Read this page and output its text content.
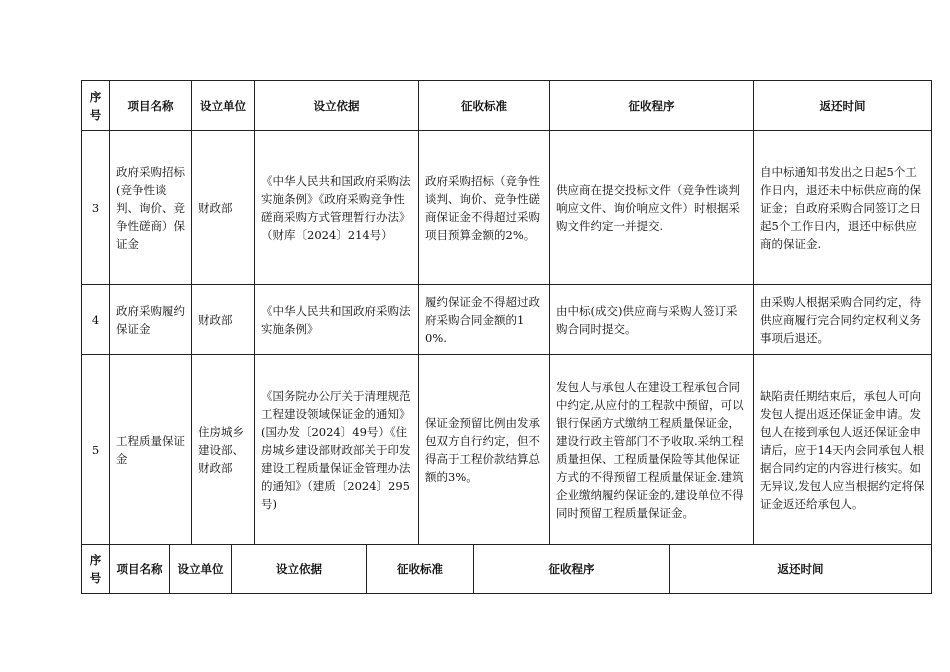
序号	项目名称	设立单位	设立依据	征收标准	征收程序	返还时间
3	政府采购招标(竞争性谈判、询价、竞争性磋商）保证金	财政部	《中华人民共和国政府采购法实施条例》《政府采购竞争性磋商采购方式管理暂行办法》（财库〔2024〕214号）	政府采购招标（竞争性谈判、询价、竞争性磋商保证金不得超过采购项目预算金额的2%。	供应商在提交投标文件（竞争性谈判响应文件、询价响应文件）时根据采购文件约定一并提交.	自中标通知书发出之日起5个工作日内，退还未中标供应商的保证金；自政府采购合同签订之日起5个工作日内，退还中标供应商的保证金.
4	政府采购履约保证金	财政部	《中华人民共和国政府采购法实施条例》	履约保证金不得超过政府采购合同金额的10%.	由中标(成交)供应商与采购人签订采购合同时提交。	由采购人根据采购合同约定，待供应商履行完合同约定权利义务事项后退还。
5	工程质量保证金	住房城乡建设部、财政部	《国务院办公厅关于清理规范工程建设领域保证金的通知》(国办发〔2024〕49号）《住房城乡建设部财政部关于印发建设工程质量保证金管理办法的通知》（建质〔2024〕295号)	保证金预留比例由发承包双方自行约定，但不得高于工程价款结算总额的3%。	发包人与承包人在建设工程承包合同中约定,从应付的工程款中预留，可以银行保函方式缴纳工程质量保证金，建设行政主管部门不予收取.采纳工程质量担保、工程质量保险等其他保证方式的不得预留工程质量保证金.建筑企业缴纳履约保证金的,建设单位不得同时预留工程质量保证金。	缺陷责任期结束后，承包人可向发包人提出返还保证金申请。发包人在接到承包人返还保证金申请后，应于14天内会同承包人根据合同约定的内容进行核实。如无异议,发包人应当根据约定将保证金返还给承包人。
序号	项目名称	设立单位	设立依据	征收标准	征收程序	返还时间
